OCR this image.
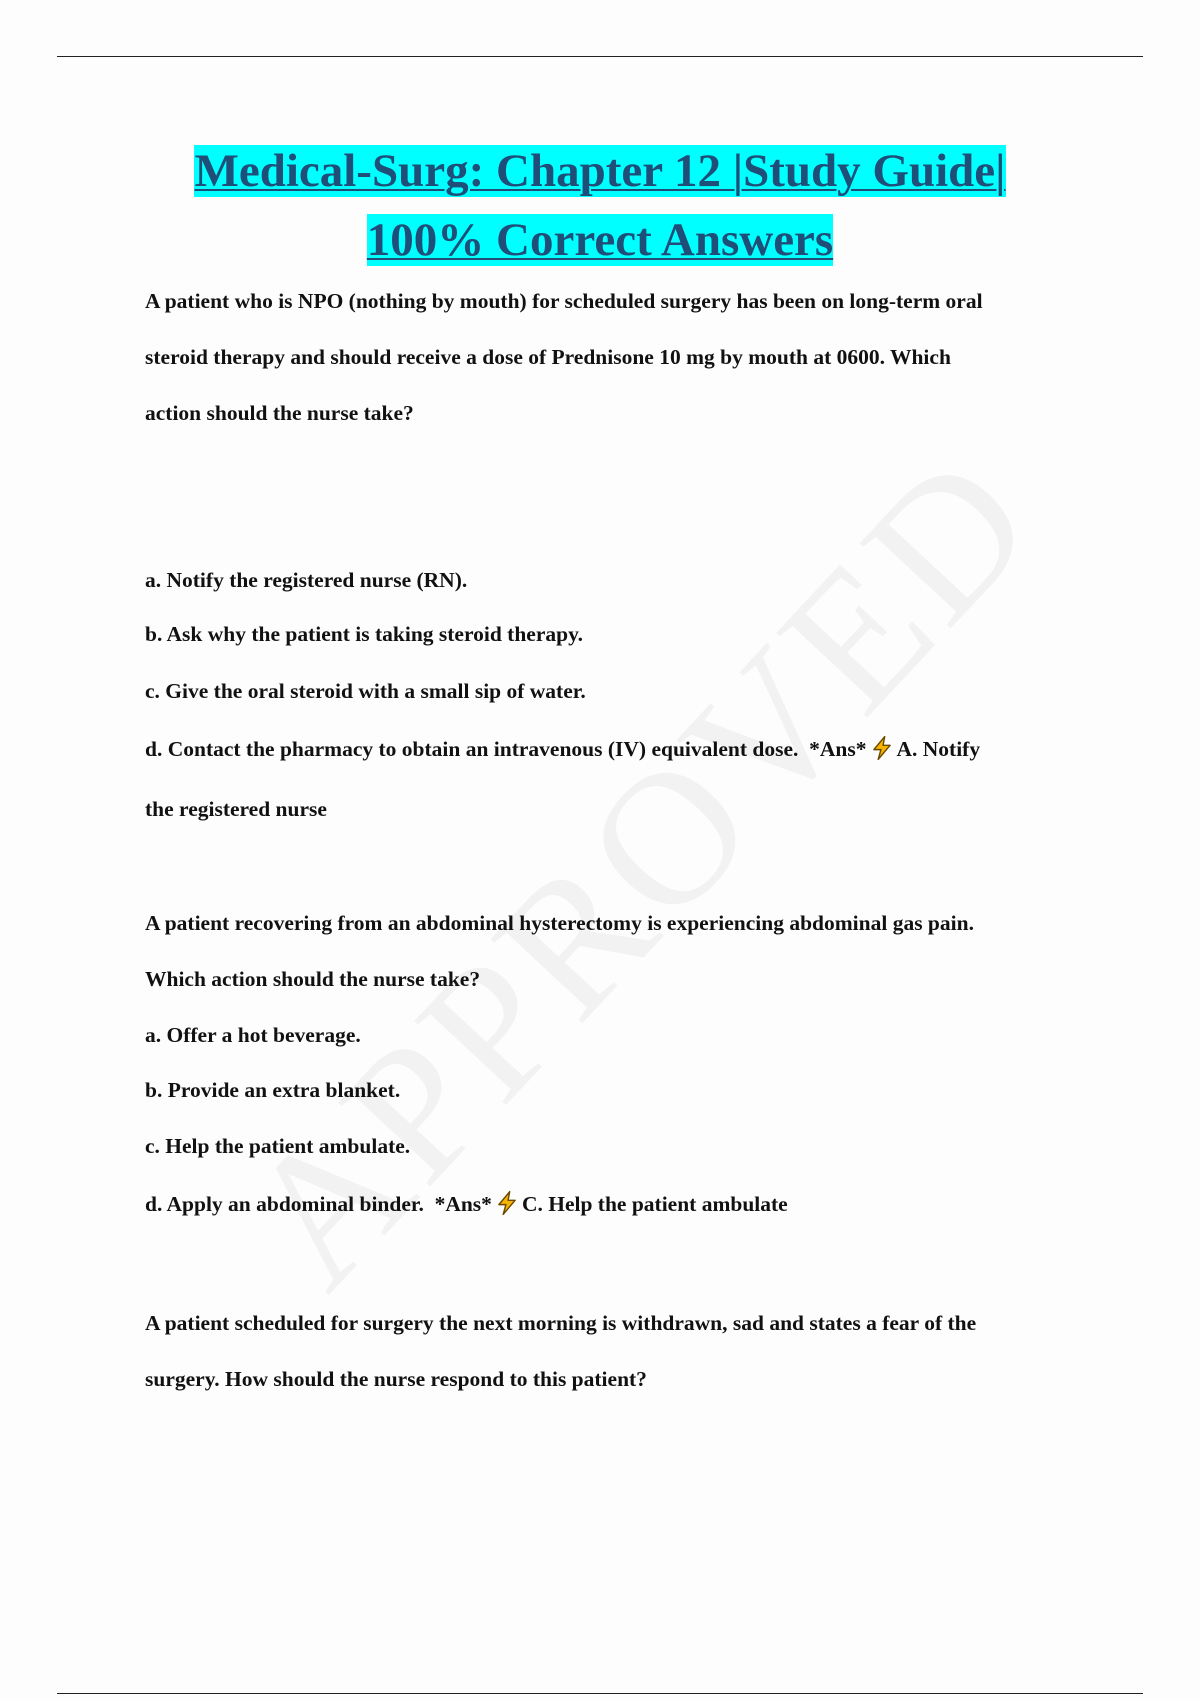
Medical-Surg: Chapter 12 |Study Guide|
100% Correct Answers
A patient who is NPO (nothing by mouth) for scheduled surgery has been on long-term oral
steroid therapy and should receive a dose of Prednisone 10 mg by mouth at 0600. Which
action should the nurse take?
a. Notify the registered nurse (RN).
b. Ask why the patient is taking steroid therapy.
c. Give the oral steroid with a small sip of water.
d. Contact the pharmacy to obtain an intravenous (IV) equivalent dose. *Ans* A. Notify
the registered nurse
A patient recovering from an abdominal hysterectomy is experiencing abdominal gas pain.
Which action should the nurse take?
a. Offer a hot beverage.
b. Provide an extra blanket.
c. Help the patient ambulate.
d. Apply an abdominal binder. *Ans* C. Help the patient ambulate
A patient scheduled for surgery the next morning is withdrawn, sad and states a fear of the
surgery. How should the nurse respond to this patient?
